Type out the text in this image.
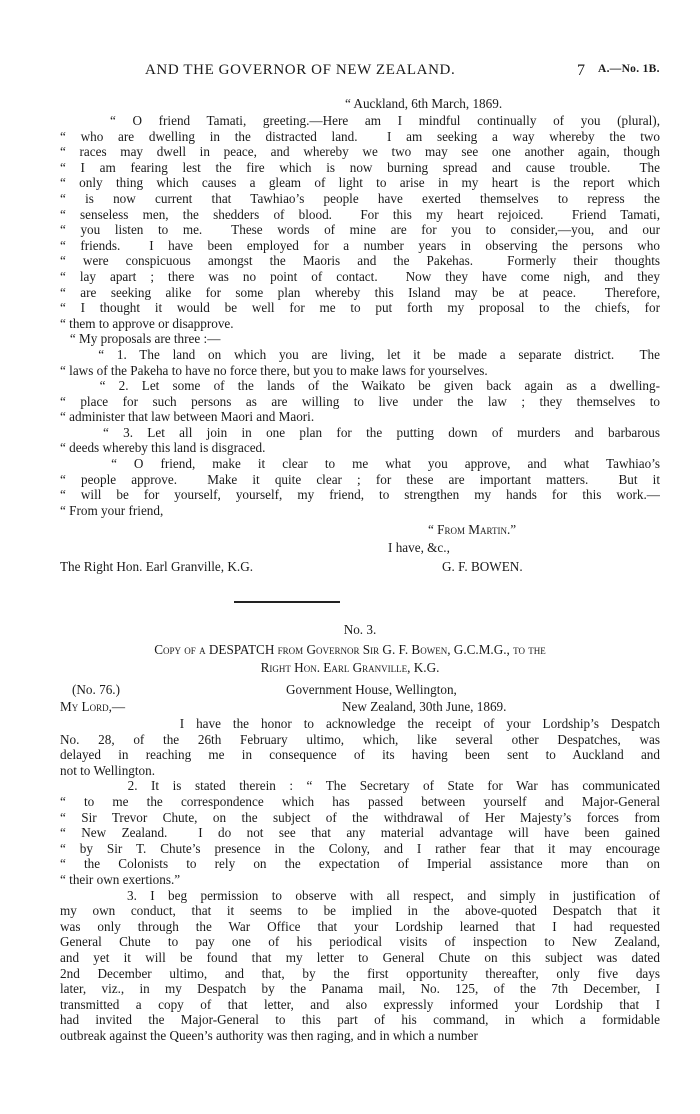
AND THE GOVERNOR OF NEW ZEALAND.	7 A.—No. 1B.
“ Auckland, 6th March, 1869.
“ O friend Tamati, greeting.—Here am I mindful continually of you (plural),
“ who are dwelling in the distracted land.  I am seeking a way whereby the two
“ races may dwell in peace, and whereby we two may see one another again, though
“ I am fearing lest the fire which is now burning spread and cause trouble.  The
“ only thing which causes a gleam of light to arise in my heart is the report which
“ is now current that Tawhiao’s people have exerted themselves to repress the
“ senseless men, the shedders of blood.  For this my heart rejoiced.  Friend Tamati,
“ you listen to me.  These words of mine are for you to consider,—you, and our
“ friends.  I have been employed for a number years in observing the persons who
“ were conspicuous amongst the Maoris and the Pakehas.  Formerly their thoughts
“ lay apart ; there was no point of contact.  Now they have come nigh, and they
“ are seeking alike for some plan whereby this Island may be at peace.  Therefore,
“ I thought it would be well for me to put forth my proposal to the chiefs, for
“ them to approve or disapprove.
“ My proposals are three :—
“ 1. The land on which you are living, let it be made a separate district.  The
“ laws of the Pakeha to have no force there, but you to make laws for yourselves.
“ 2. Let some of the lands of the Waikato be given back again as a dwelling-
“ place for such persons as are willing to live under the law ; they themselves to
“ administer that law between Maori and Maori.
“ 3. Let all join in one plan for the putting down of murders and barbarous
“ deeds whereby this land is disgraced.
“ O friend, make it clear to me what you approve, and what Tawhiao’s
“ people approve.  Make it quite clear ; for these are important matters.  But it
“ will be for yourself, yourself, my friend, to strengthen my hands for this work.—
“ From your friend,
“ From Martin.”
I have, &c.,
The Right Hon. Earl Granville, K.G.	G. F. BOWEN.
No. 3.
Copy of a DESPATCH from Governor Sir G. F. Bowen, G.C.M.G., to the
Right Hon. Earl Granville, K.G.
(No. 76.)	Government House, Wellington,
My Lord,—	New Zealand, 30th June, 1869.
I have the honor to acknowledge the receipt of your Lordship’s Despatch
No. 28, of the 26th February ultimo, which, like several other Despatches, was
delayed in reaching me in consequence of its having been sent to Auckland and
not to Wellington.
2. It is stated therein : “ The Secretary of State for War has communicated
“ to me the correspondence which has passed between yourself and Major-General
“ Sir Trevor Chute, on the subject of the withdrawal of Her Majesty’s forces from
“ New Zealand.  I do not see that any material advantage will have been gained
“ by Sir T. Chute’s presence in the Colony, and I rather fear that it may encourage
“ the Colonists to rely on the expectation of Imperial assistance more than on
“ their own exertions.”
3. I beg permission to observe with all respect, and simply in justification of
my own conduct, that it seems to be implied in the above-quoted Despatch that it
was only through the War Office that your Lordship learned that I had requested
General Chute to pay one of his periodical visits of inspection to New Zealand,
and yet it will be found that my letter to General Chute on this subject was dated
2nd December ultimo, and that, by the first opportunity thereafter, only five days
later, viz., in my Despatch by the Panama mail, No. 125, of the 7th December, I
transmitted a copy of that letter, and also expressly informed your Lordship that I
had invited the Major-General to this part of his command, in which a formidable
outbreak against the Queen’s authority was then raging, and in which a number
